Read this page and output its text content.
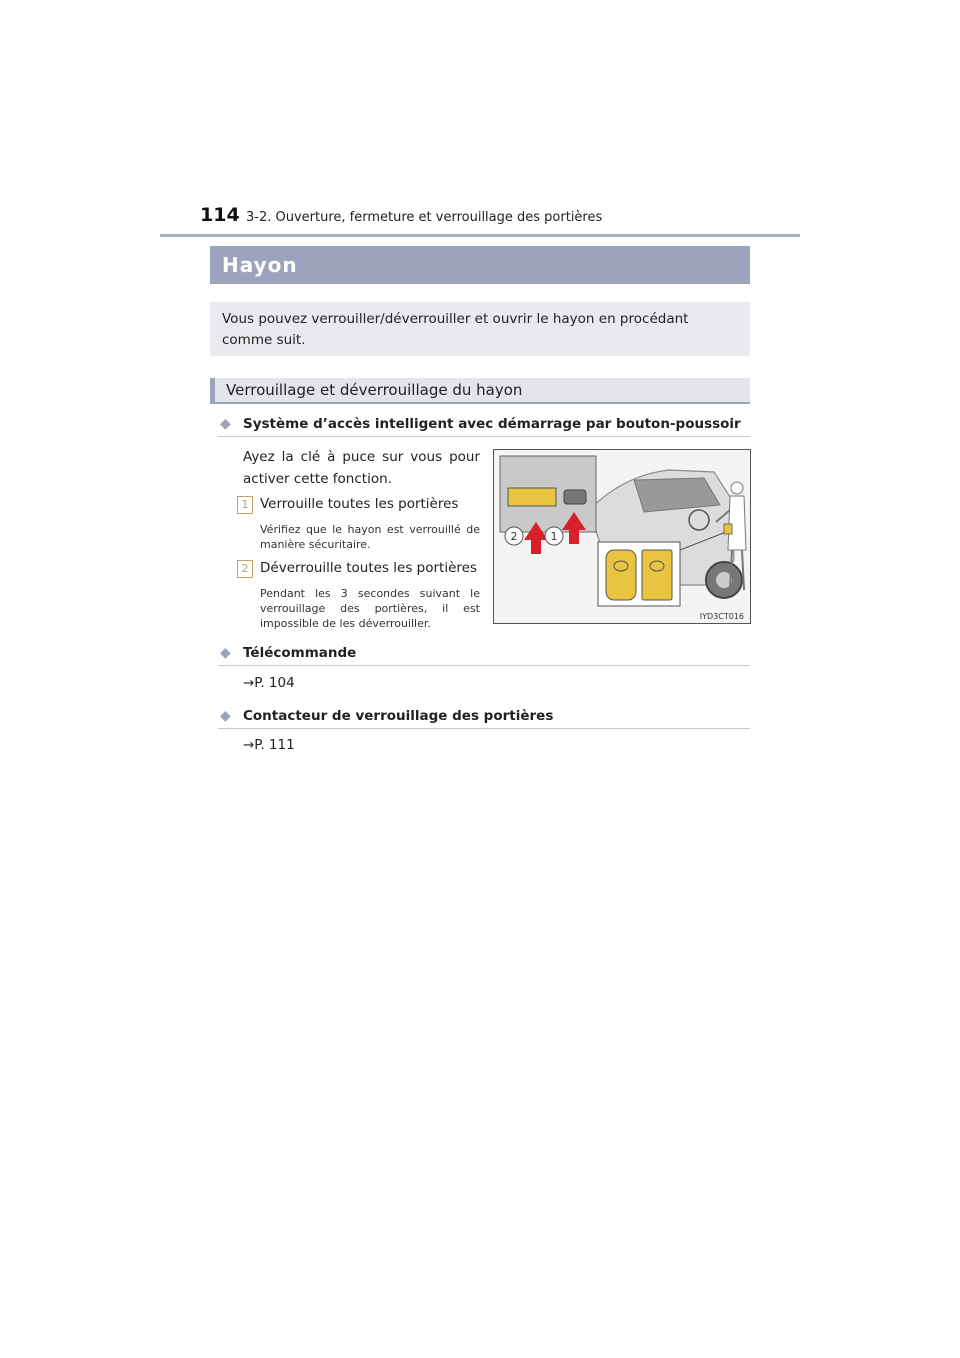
114 3-2. Ouverture, fermeture et verrouillage des portières
Hayon

Vous pouvez verrouiller/déverrouiller et ouvrir le hayon en procédant comme suit.

Verrouillage et déverrouillage du hayon
◆ Système d’accès intelligent avec démarrage par bouton-poussoir

Ayez la clé à puce sur vous pour activer cette fonction.

1 Verrouille toutes les portières

Vérifiez que le hayon est verrouillé de manière sécuritaire.

2 Déverrouille toutes les portières

Pendant les 3 secondes suivant le verrouillage des portières, il est impossible de les déverrouiller.

2	1
IYD3CT016
◆ Télécommande
→P. 104
◆ Contacteur de verrouillage des portières
→P. 111
